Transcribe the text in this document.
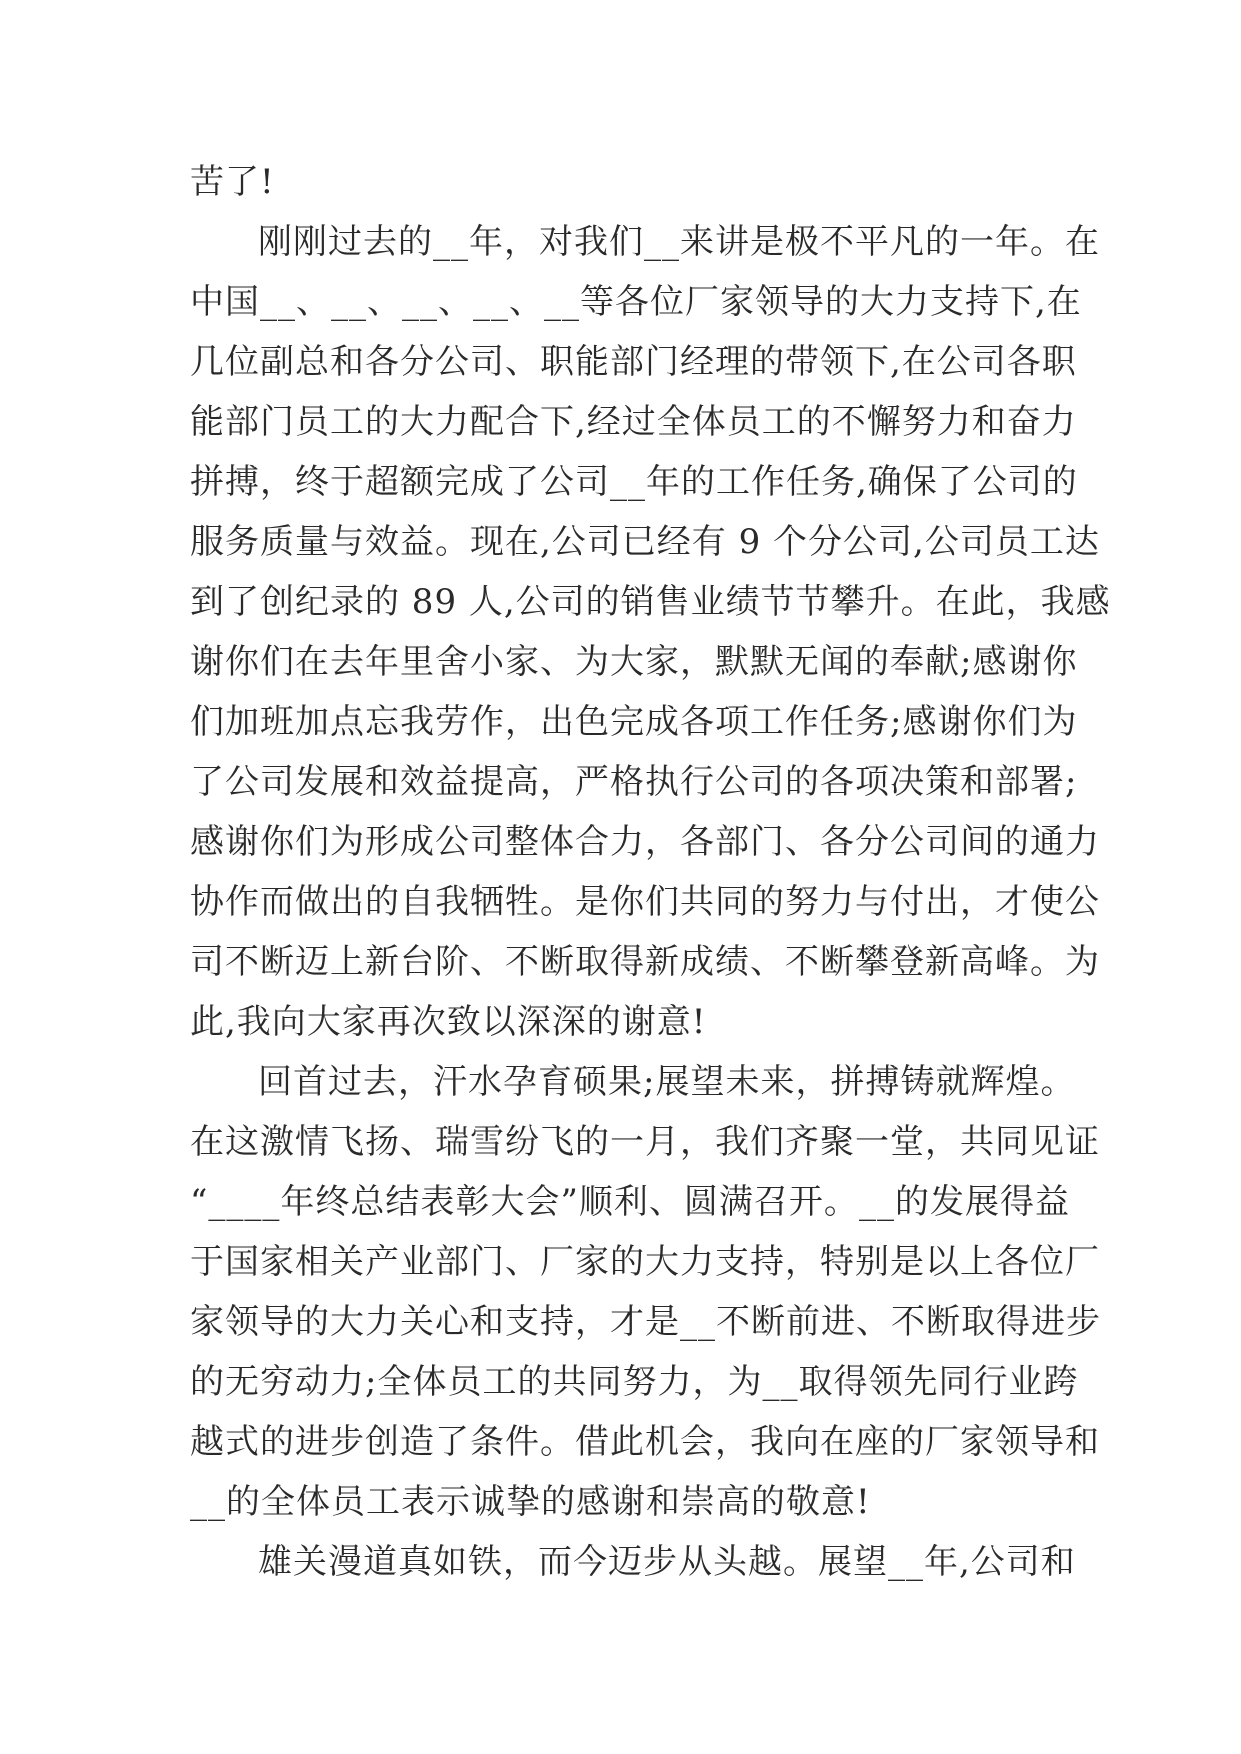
苦了!
刚刚过去的__年，对我们__来讲是极不平凡的一年。在
中国__、__、__、__、__等各位厂家领导的大力支持下,在
几位副总和各分公司、职能部门经理的带领下,在公司各职
能部门员工的大力配合下,经过全体员工的不懈努力和奋力
拼搏，终于超额完成了公司__年的工作任务,确保了公司的
服务质量与效益。现在,公司已经有 9 个分公司,公司员工达
到了创纪录的 89 人,公司的销售业绩节节攀升。在此，我感
谢你们在去年里舍小家、为大家，默默无闻的奉献;感谢你
们加班加点忘我劳作，出色完成各项工作任务;感谢你们为
了公司发展和效益提高，严格执行公司的各项决策和部署;
感谢你们为形成公司整体合力，各部门、各分公司间的通力
协作而做出的自我牺牲。是你们共同的努力与付出，才使公
司不断迈上新台阶、不断取得新成绩、不断攀登新高峰。为
此,我向大家再次致以深深的谢意!
回首过去，汗水孕育硕果;展望未来，拼搏铸就辉煌。
在这激情飞扬、瑞雪纷飞的一月，我们齐聚一堂，共同见证
“____年终总结表彰大会”顺利、圆满召开。__的发展得益
于国家相关产业部门、厂家的大力支持，特别是以上各位厂
家领导的大力关心和支持，才是__不断前进、不断取得进步
的无穷动力;全体员工的共同努力，为__取得领先同行业跨
越式的进步创造了条件。借此机会，我向在座的厂家领导和
__的全体员工表示诚挚的感谢和崇高的敬意!
雄关漫道真如铁，而今迈步从头越。展望__年,公司和
